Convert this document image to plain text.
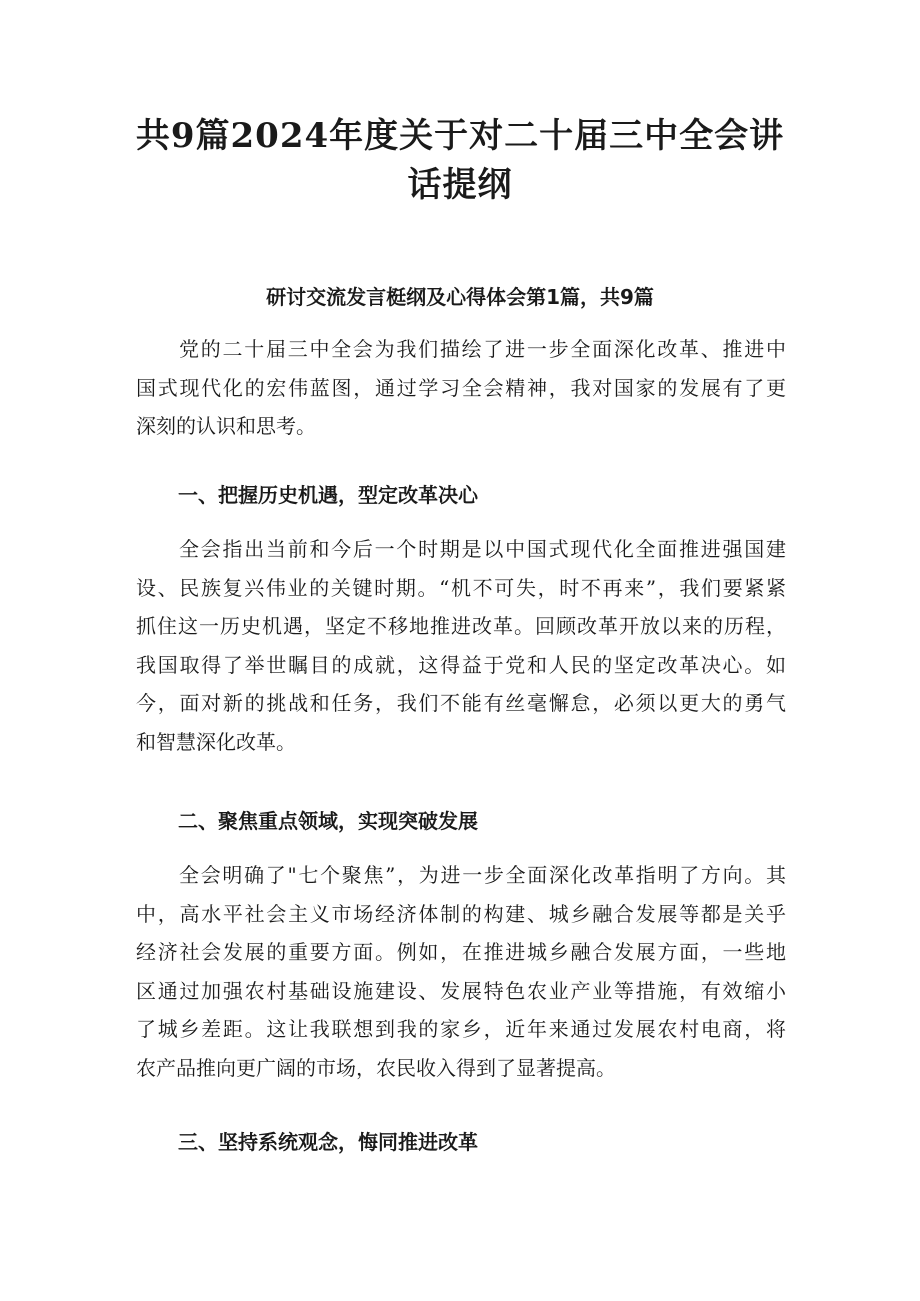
共9篇2024年度关于对二十届三中全会讲
话提纲
研讨交流发言梃纲及心得体会第1篇，共9篇
党的二十届三中全会为我们描绘了进一步全面深化改革、推进中
国式现代化的宏伟蓝图，通过学习全会精神，我对国家的发展有了更
深刻的认识和思考。
一、把握历史机遇，型定改革决心
全会指出当前和今后一个时期是以中国式现代化全面推进强国建
设、民族复兴伟业的关键时期。“机不可失，时不再来”，我们要紧紧
抓住这一历史机遇，坚定不移地推进改革。回顾改革开放以来的历程，
我国取得了举世瞩目的成就，这得益于党和人民的坚定改革决心。如
今，面对新的挑战和任务，我们不能有丝毫懈怠，必须以更大的勇气
和智慧深化改革。
二、聚焦重点领域，实现突破发展
全会明确了"七个聚焦”，为进一步全面深化改革指明了方向。其
中，高水平社会主义市场经济体制的构建、城乡融合发展等都是关乎
经济社会发展的重要方面。例如，在推进城乡融合发展方面，一些地
区通过加强农村基础设施建设、发展特色农业产业等措施，有效缩小
了城乡差距。这让我联想到我的家乡，近年来通过发展农村电商，将
农产品推向更广阔的市场，农民收入得到了显著提高。
三、坚持系统观念，悔同推进改革
